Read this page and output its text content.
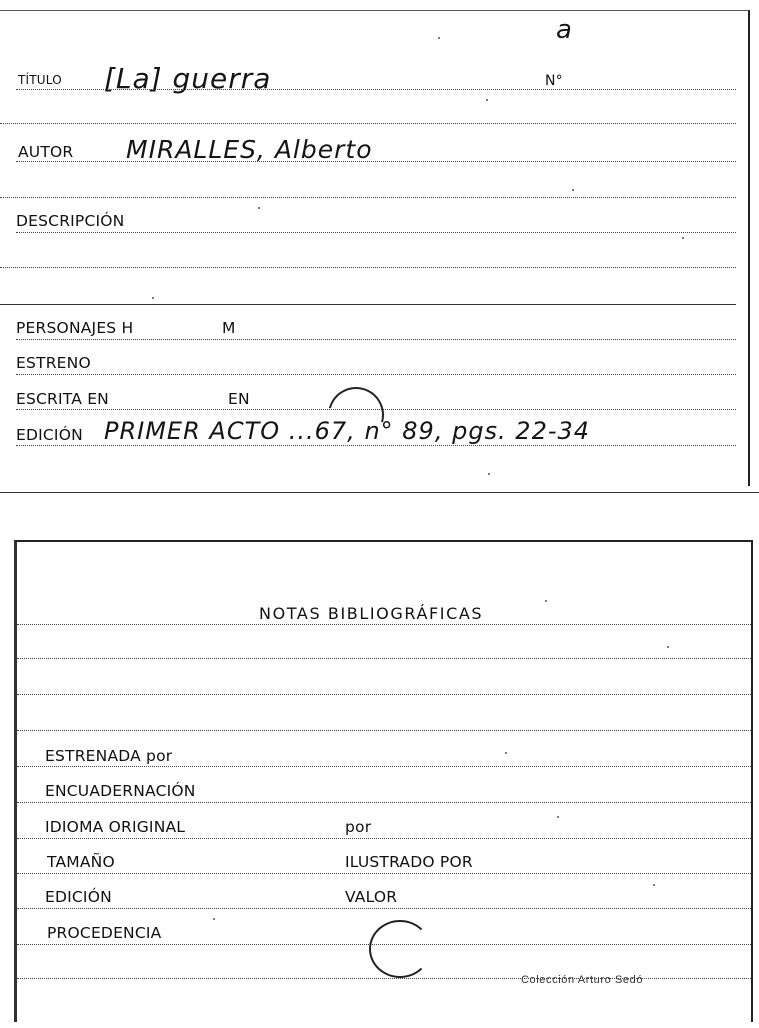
a
TÍTULO [La] guerra	N°
AUTOR MIRALLES, Alberto
DESCRIPCIÓN
PERSONAJES H	M
ESTRENO
ESCRITA EN	EN
EDICIÓN PRIMER ACTO ...67, n° 89, pgs. 22-34
NOTAS BIBLIOGRÁFICAS
ESTRENADA por
ENCUADERNACIÓN
IDIOMA ORIGINAL	por
TAMAÑO	ILUSTRADO POR
EDICIÓN	VALOR
PROCEDENCIA
Colección Arturo Sedó
